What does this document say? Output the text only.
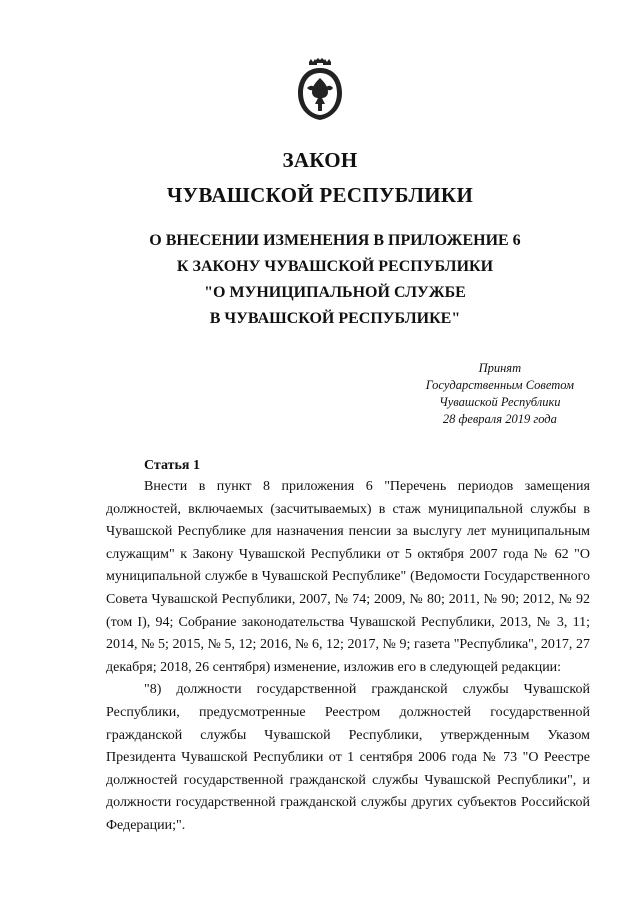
ЗАКОН
ЧУВАШСКОЙ РЕСПУБЛИКИ
О ВНЕСЕНИИ ИЗМЕНЕНИЯ В ПРИЛОЖЕНИЕ 6
К ЗАКОНУ ЧУВАШСКОЙ РЕСПУБЛИКИ
"О МУНИЦИПАЛЬНОЙ СЛУЖБЕ
В ЧУВАШСКОЙ РЕСПУБЛИКЕ"
Принят
Государственным Советом
Чувашской Республики
28 февраля 2019 года
Статья 1

Внести в пункт 8 приложения 6 "Перечень периодов замещения должностей, включаемых (засчитываемых) в стаж муниципальной службы в Чувашской Республике для назначения пенсии за выслугу лет муниципальным служащим" к Закону Чувашской Республики от 5 октября 2007 года № 62 "О муниципальной службе в Чувашской Республике" (Ведомости Государственного Совета Чувашской Республики, 2007, № 74; 2009, № 80; 2011, № 90; 2012, № 92 (том I), 94; Собрание законодательства Чувашской Республики, 2013, № 3, 11; 2014, № 5; 2015, № 5, 12; 2016, № 6, 12; 2017, № 9; газета "Республика", 2017, 27 декабря; 2018, 26 сентября) изменение, изложив его в следующей редакции:

"8) должности государственной гражданской службы Чувашской Республики, предусмотренные Реестром должностей государственной гражданской службы Чувашской Республики, утвержденным Указом Президента Чувашской Республики от 1 сентября 2006 года № 73 "О Реестре должностей государственной гражданской службы Чувашской Республики", и должности государственной гражданской службы других субъектов Российской Федерации;".
